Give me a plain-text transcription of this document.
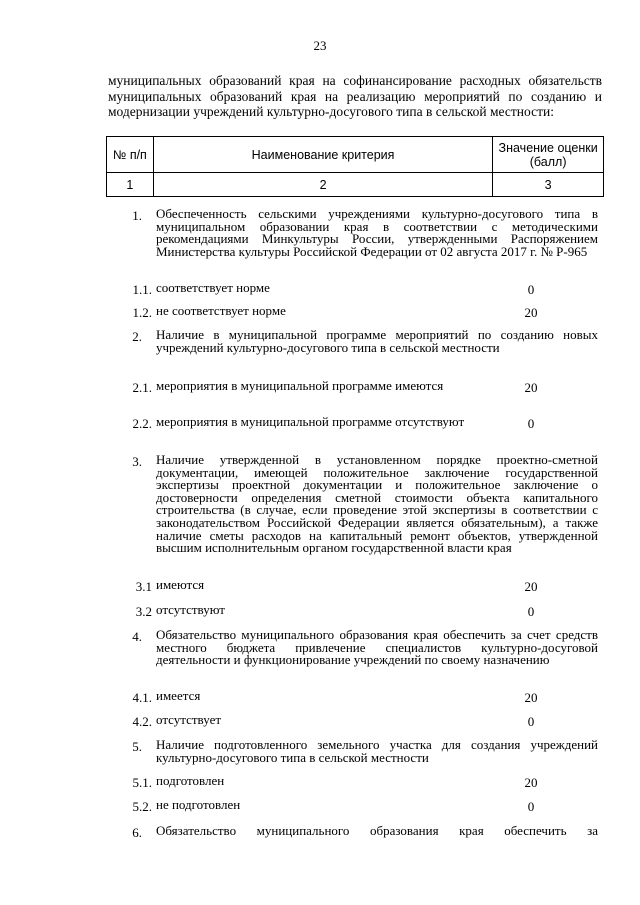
23
муниципальных образований края на софинансирование расходных обязательств муниципальных образований края на реализацию мероприятий по созданию и модернизации учреждений культурно-досугового типа в сельской местности:
№ п/п	Наименование критерия	Значение оценки
(балл)
1	2	3
1. Обеспеченность сельскими учреждениями культурно-досугового типа в муниципальном образовании края в соответствии с методическими рекомендациями Минкультуры России, утвержденными Распоряжением Министерства культуры Российской Федерации от 02 августа 2017 г. № Р-965
1.1. соответствует норме	0
1.2. не соответствует норме	20
2. Наличие в муниципальной программе мероприятий по созданию новых учреждений культурно-досугового типа в сельской местности
2.1. мероприятия в муниципальной программе имеются	20
2.2. мероприятия в муниципальной программе отсутствуют	0
3. Наличие утвержденной в установленном порядке проектно-сметной документации, имеющей положительное заключение государственной экспертизы проектной документации и положительное заключение о достоверности определения сметной стоимости объекта капитального строительства (в случае, если проведение этой экспертизы в соответствии с законодательством Российской Федерации является обязательным), а также наличие сметы расходов на капитальный ремонт объектов, утвержденной высшим исполнительным органом государственной власти края
3.1 имеются	20
3.2 отсутствуют	0
4. Обязательство муниципального образования края обеспечить за счет средств местного бюджета привлечение специалистов культурно-досуговой деятельности и функционирование учреждений по своему назначению
4.1. имеется	20
4.2. отсутствует	0
5. Наличие подготовленного земельного участка для создания учреждений культурно-досугового типа в сельской местности
5.1. подготовлен	20
5.2. не подготовлен	0
6. Обязательство муниципального образования края обеспечить за
